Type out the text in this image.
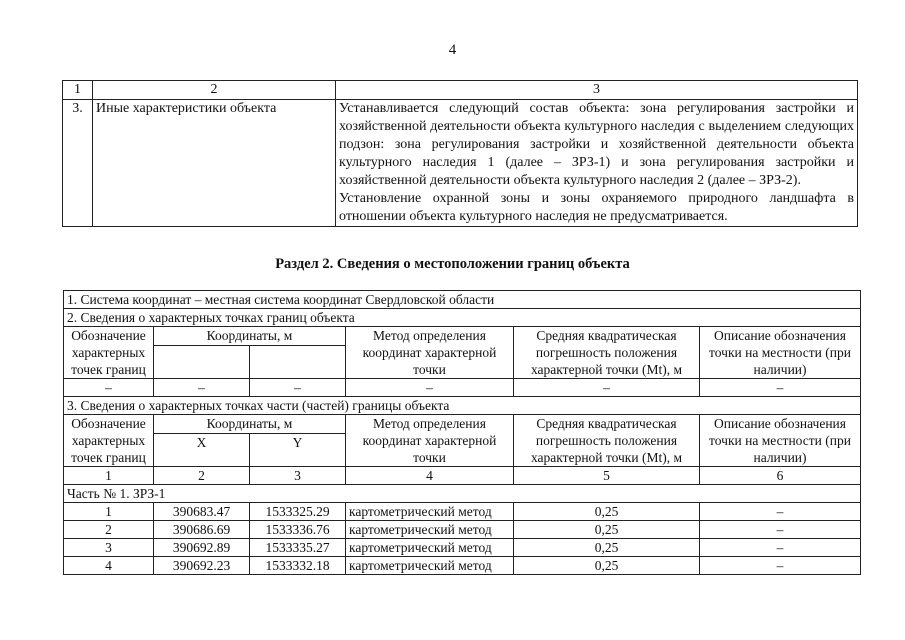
4
1	2	3
3.	Иные характеристики объекта	Устанавливается следующий состав объекта: зона регулирования застройки и хозяйственной деятельности объекта культурного наследия с выделением следующих подзон: зона регулирования застройки и хозяйственной деятельности объекта культурного наследия 1 (далее – ЗРЗ-1) и зона регулирования застройки и хозяйственной деятельности объекта культурного наследия 2 (далее – ЗРЗ-2).
Установление охранной зоны и зоны охраняемого природного ландшафта в отношении объекта культурного наследия не предусматривается.
Раздел 2. Сведения о местоположении границ объекта
1. Система координат – местная система координат Свердловской области					
2. Сведения о характерных точках границ объекта					
Обозначение характерных точек границ	Координаты, м		Метод определения координат характерной точки	Средняя квадратическая погрешность положения характерной точки (Mt), м	Описание обозначения точки на местности (при наличии)

–	–	–	–	–	–
3. Сведения о характерных точках части (частей) границы объекта					
Обозначение характерных точек границ	Координаты, м		Метод определения координат характерной точки	Средняя квадратическая погрешность положения характерной точки (Mt), м	Описание обозначения точки на местности (при наличии)
	X	Y			
1	2	3	4	5	6
Часть № 1. ЗРЗ-1					
1	390683.47	1533325.29	картометрический метод	0,25	–
2	390686.69	1533336.76	картометрический метод	0,25	–
3	390692.89	1533335.27	картометрический метод	0,25	–
4	390692.23	1533332.18	картометрический метод	0,25	–
